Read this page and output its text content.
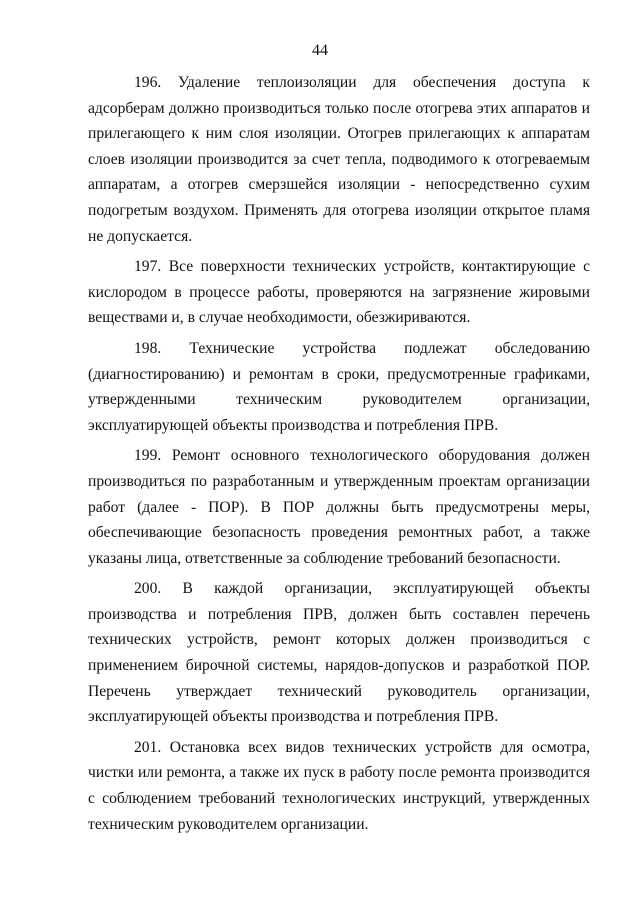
44

196. Удаление теплоизоляции для обеспечения доступа к адсорберам должно производиться только после отогрева этих аппаратов и прилегающего к ним слоя изоляции. Отогрев прилегающих к аппаратам слоев изоляции производится за счет тепла, подводимого к отогреваемым аппаратам, а отогрев смерзшейся изоляции - непосредственно сухим подогретым воздухом. Применять для отогрева изоляции открытое пламя не допускается.

197. Все поверхности технических устройств, контактирующие с кислородом в процессе работы, проверяются на загрязнение жировыми веществами и, в случае необходимости, обезжириваются.

198. Технические устройства подлежат обследованию (диагностированию) и ремонтам в сроки, предусмотренные графиками, утвержденными техническим руководителем организации, эксплуатирующей объекты производства и потребления ПРВ.

199. Ремонт основного технологического оборудования должен производиться по разработанным и утвержденным проектам организации работ (далее - ПОР). В ПОР должны быть предусмотрены меры, обеспечивающие безопасность проведения ремонтных работ, а также указаны лица, ответственные за соблюдение требований безопасности.

200. В каждой организации, эксплуатирующей объекты производства и потребления ПРВ, должен быть составлен перечень технических устройств, ремонт которых должен производиться с применением бирочной системы, нарядов-допусков и разработкой ПОР. Перечень утверждает технический руководитель организации, эксплуатирующей объекты производства и потребления ПРВ.

201. Остановка всех видов технических устройств для осмотра, чистки или ремонта, а также их пуск в работу после ремонта производится с соблюдением требований технологических инструкций, утвержденных техническим руководителем организации.
